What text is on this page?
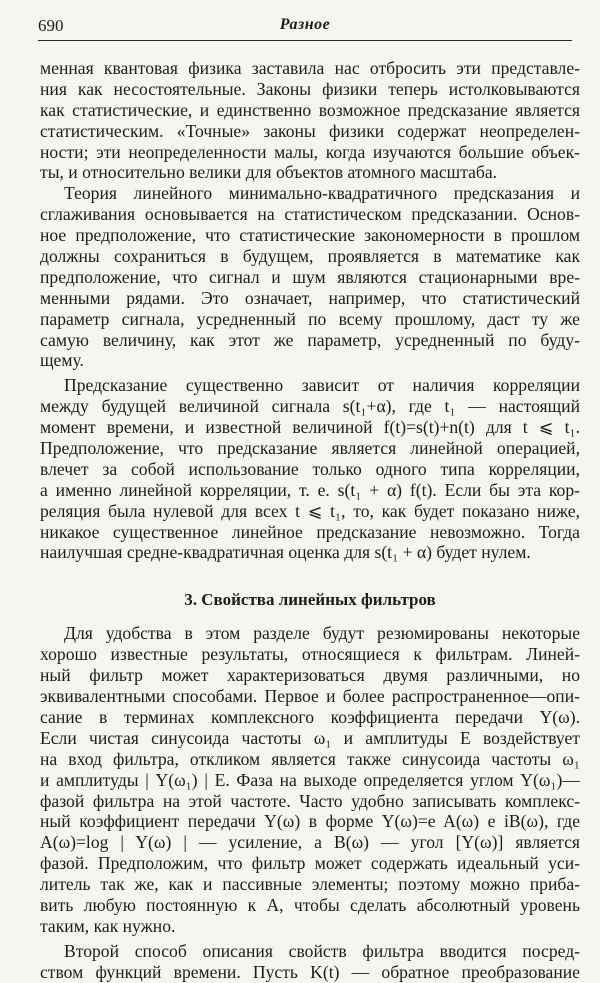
690	Разное
менная квантовая физика заставила нас отбросить эти представле-
ния как несостоятельные. Законы физики теперь истолковываются
как статистические, и единственно возможное предсказание является
статистическим. «Точные» законы физики содержат неопределен-
ности; эти неопределенности малы, когда изучаются большие объек-
ты, и относительно велики для объектов атомного масштаба.
Теория линейного минимально-квадратичного предсказания и
сглаживания основывается на статистическом предсказании. Основ-
ное предположение, что статистические закономерности в прошлом
должны сохраниться в будущем, проявляется в математике как
предположение, что сигнал и шум являются стационарными вре-
менными рядами. Это означает, например, что статистический
параметр сигнала, усредненный по всему прошлому, даст ту же
самую величину, как этот же параметр, усредненный по буду-
щему.
Предсказание существенно зависит от наличия корреляции
между будущей величиной сигнала s(t₁+α), где t₁ — настоящий
момент времени, и известной величиной f(t)=s(t)+n(t) для t ⩽ t₁.
Предположение, что предсказание является линейной операцией,
влечет за собой использование только одного типа корреляции,
а именно линейной корреляции, т. е. s(t₁ + α) f(t). Если бы эта кор-
реляция была нулевой для всех t ⩽ t₁, то, как будет показано ниже,
никакое существенное линейное предсказание невозможно. Тогда
наилучшая средне-квадратичная оценка для s(t₁ + α) будет нулем.
3. Свойства линейных фильтров
Для удобства в этом разделе будут резюмированы некоторые
хорошо известные результаты, относящиеся к фильтрам. Линей-
ный фильтр может характеризоваться двумя различными, но
эквивалентными способами. Первое и более распространенное—опи-
сание в терминах комплексного коэффициента передачи Y(ω).
Если чистая синусоида частоты ω₁ и амплитуды E воздействует
на вход фильтра, откликом является также синусоида частоты ω₁
и амплитуды | Y(ω₁) | E. Фаза на выходе определяется углом Y(ω₁)—
фазой фильтра на этой частоте. Часто удобно записывать комплекс-
ный коэффициент передачи Y(ω) в форме Y(ω)=e A(ω) e iB(ω), где
A(ω)=log | Y(ω) | — усиление, а B(ω) — угол [Y(ω)] является
фазой. Предположим, что фильтр может содержать идеальный уси-
литель так же, как и пассивные элементы; поэтому можно прибa-
вить любую постоянную к A, чтобы сделать абсолютный уровень
таким, как нужно.
Второй способ описания свойств фильтра вводится посред-
ством функций времени. Пусть K(t) — обратное преобразование
